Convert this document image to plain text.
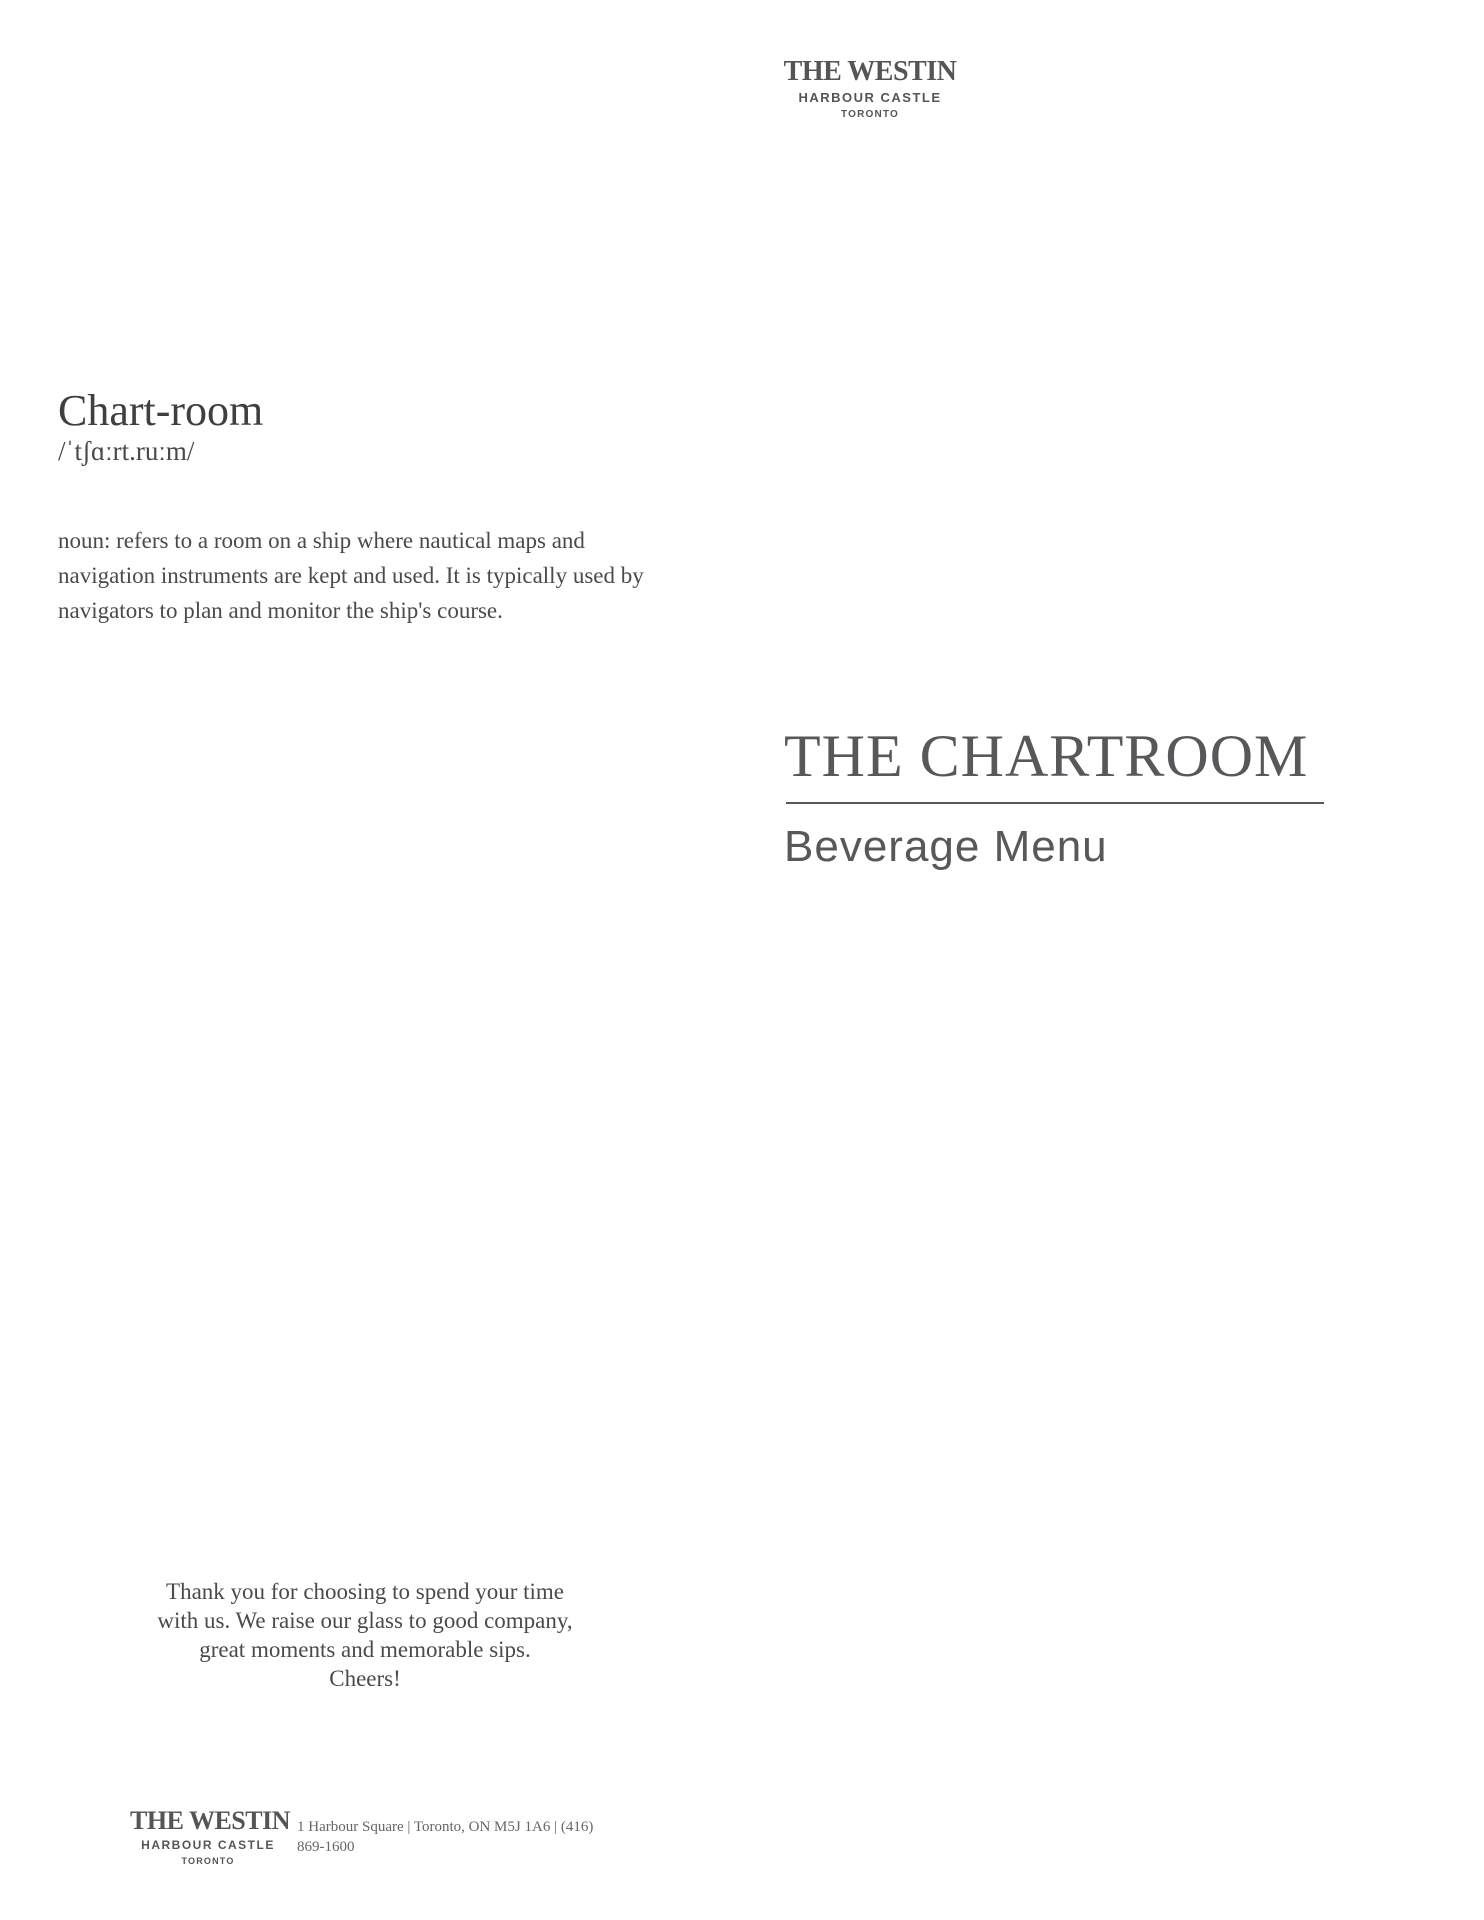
THE WESTIN
HARBOUR CASTLE
TORONTO
Chart-room
/ˈtʃɑːrt.ruːm/

noun: refers to a room on a ship where nautical maps and navigation instruments are kept and used. It is typically used by navigators to plan and monitor the ship's course.

THE CHARTROOM
Beverage Menu
Thank you for choosing to spend your time
with us. We raise our glass to good company,
great moments and memorable sips.
Cheers!
THE WESTIN
HARBOUR CASTLE
TORONTO
1 Harbour Square | Toronto, ON M5J 1A6 | (416) 869-1600
